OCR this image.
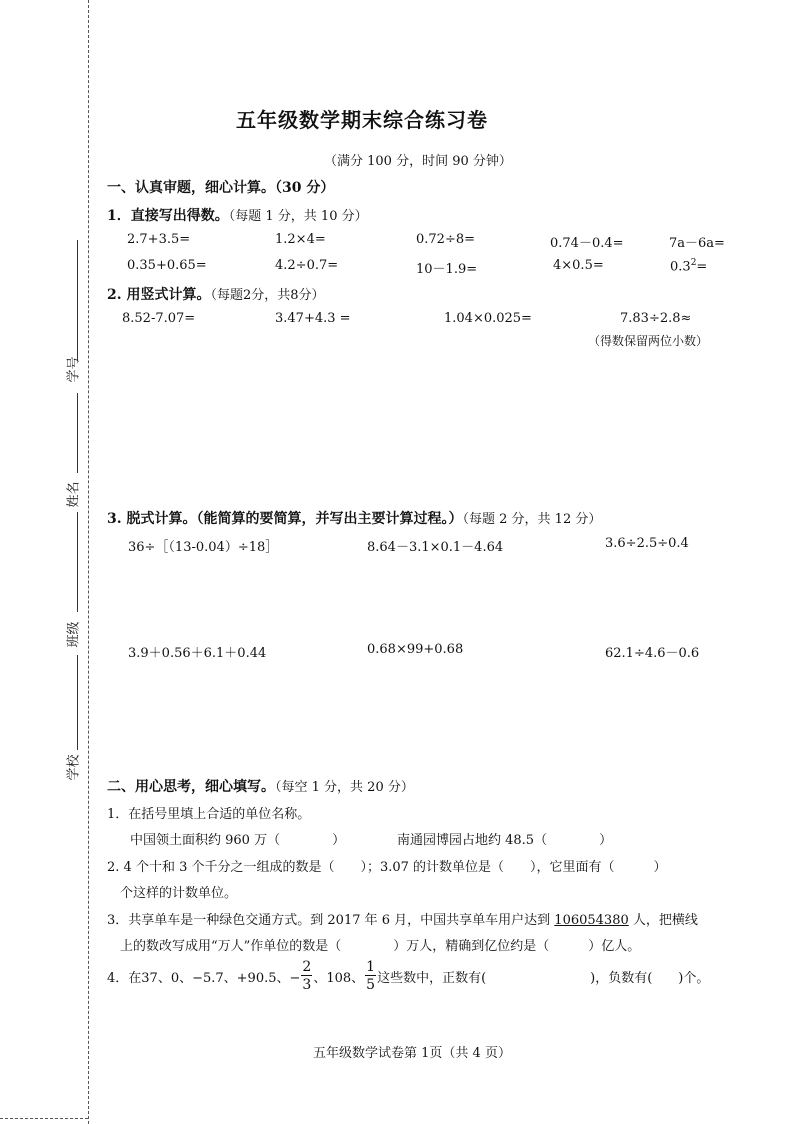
学号
姓名
班级
学校
五年级数学期末综合练习卷
（满分 100 分，时间 90 分钟）
一、认真审题，细心计算。（30 分）
1．直接写出得数。（每题 1 分，共 10 分）
2.7+3.5=	1.2×4=	0.72÷8=	0.74－0.4=	7a－6a=
0.35+0.65=	4.2÷0.7=	10－1.9=	4×0.5=	$0.3^2=$
2. 用竖式计算。（每题2分，共8分）
8.52-7.07=	3.47+4.3 =	1.04×0.025=	7.83÷2.8≈
（得数保留两位小数）
3. 脱式计算。（能简算的要简算，并写出主要计算过程。）（每题 2 分，共 12 分）
36÷［（13-0.04）÷18］	8.64－3.1×0.1－4.64	3.6÷2.5÷0.4
3.9＋0.56＋6.1＋0.44	0.68×99+0.68	62.1÷4.6－0.6
二、用心思考，细心填写。（每空 1 分，共 20 分）
1．在括号里填上合适的单位名称。
中国领土面积约 960 万（　　　　）	南通园博园占地约 48.5（　　　　）
2. 4 个十和 3 个千分之一组成的数是（　　）；3.07 的计数单位是（　　），它里面有（　　　）
个这样的计数单位。
3．共享单车是一种绿色交通方式。到 2017 年 6 月，中国共享单车用户达到 106054380 人，把横线
上的数改写成用“万人”作单位的数是（　　　　）万人，精确到亿位约是（　　　）亿人。
4．在37、0、−5.7、+90.5、− $\frac{2}{3}$ 、108、 $\frac{1}{5}$ 这些数中，正数有(　　　　　　　　)，负数有(　　)个。
五年级数学试卷第 1页（共 4 页）
